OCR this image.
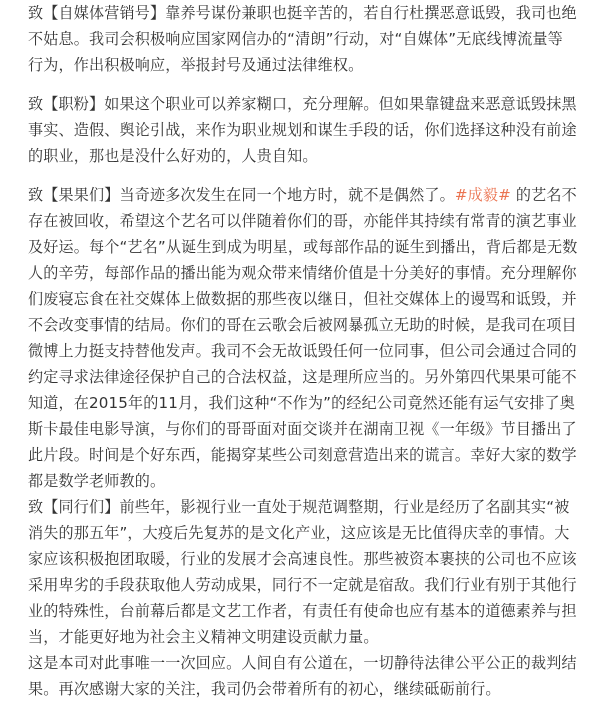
致【自媒体营销号】靠养号谋份兼职也挺辛苦的，若自行杜撰恶意诋毁，我司也绝不姑息。我司会积极响应国家网信办的“清朗”行动，对“自媒体”无底线博流量等行为，作出积极响应，举报封号及通过法律维权。

致【职粉】如果这个职业可以养家糊口，充分理解。但如果靠键盘来恶意诋毁抹黑事实、造假、舆论引战，来作为职业规划和谋生手段的话，你们选择这种没有前途的职业，那也是没什么好劝的，人贵自知。

致【果果们】当奇迹多次发生在同一个地方时，就不是偶然了。#成毅# 的艺名不存在被回收，希望这个艺名可以伴随着你们的哥，亦能伴其持续有常青的演艺事业及好运。每个“艺名”从诞生到成为明星，或每部作品的诞生到播出，背后都是无数人的辛劳，每部作品的播出能为观众带来情绪价值是十分美好的事情。充分理解你们废寝忘食在社交媒体上做数据的那些夜以继日，但社交媒体上的谩骂和诋毁，并不会改变事情的结局。你们的哥在云歌会后被网暴孤立无助的时候，是我司在项目微博上力挺支持替他发声。我司不会无故诋毁任何一位同事，但公司会通过合同的约定寻求法律途径保护自己的合法权益，这是理所应当的。另外第四代果果可能不知道，在2015年的11月，我们这种“不作为”的经纪公司竟然还能有运气安排了奥斯卡最佳电影导演，与你们的哥哥面对面交谈并在湖南卫视《一年级》节目播出了此片段。时间是个好东西，能揭穿某些公司刻意营造出来的谎言。幸好大家的数学都是数学老师教的。

致【同行们】前些年，影视行业一直处于规范调整期，行业是经历了名副其实“被消失的那五年”，大疫后先复苏的是文化产业，这应该是无比值得庆幸的事情。大家应该积极抱团取暖，行业的发展才会高速良性。那些被资本裹挟的公司也不应该采用卑劣的手段获取他人劳动成果，同行不一定就是宿敌。我们行业有别于其他行业的特殊性，台前幕后都是文艺工作者，有责任有使命也应有基本的道德素养与担当，才能更好地为社会主义精神文明建设贡献力量。

这是本司对此事唯一一次回应。人间自有公道在，一切静待法律公平公正的裁判结果。再次感谢大家的关注，我司仍会带着所有的初心，继续砥砺前行。
